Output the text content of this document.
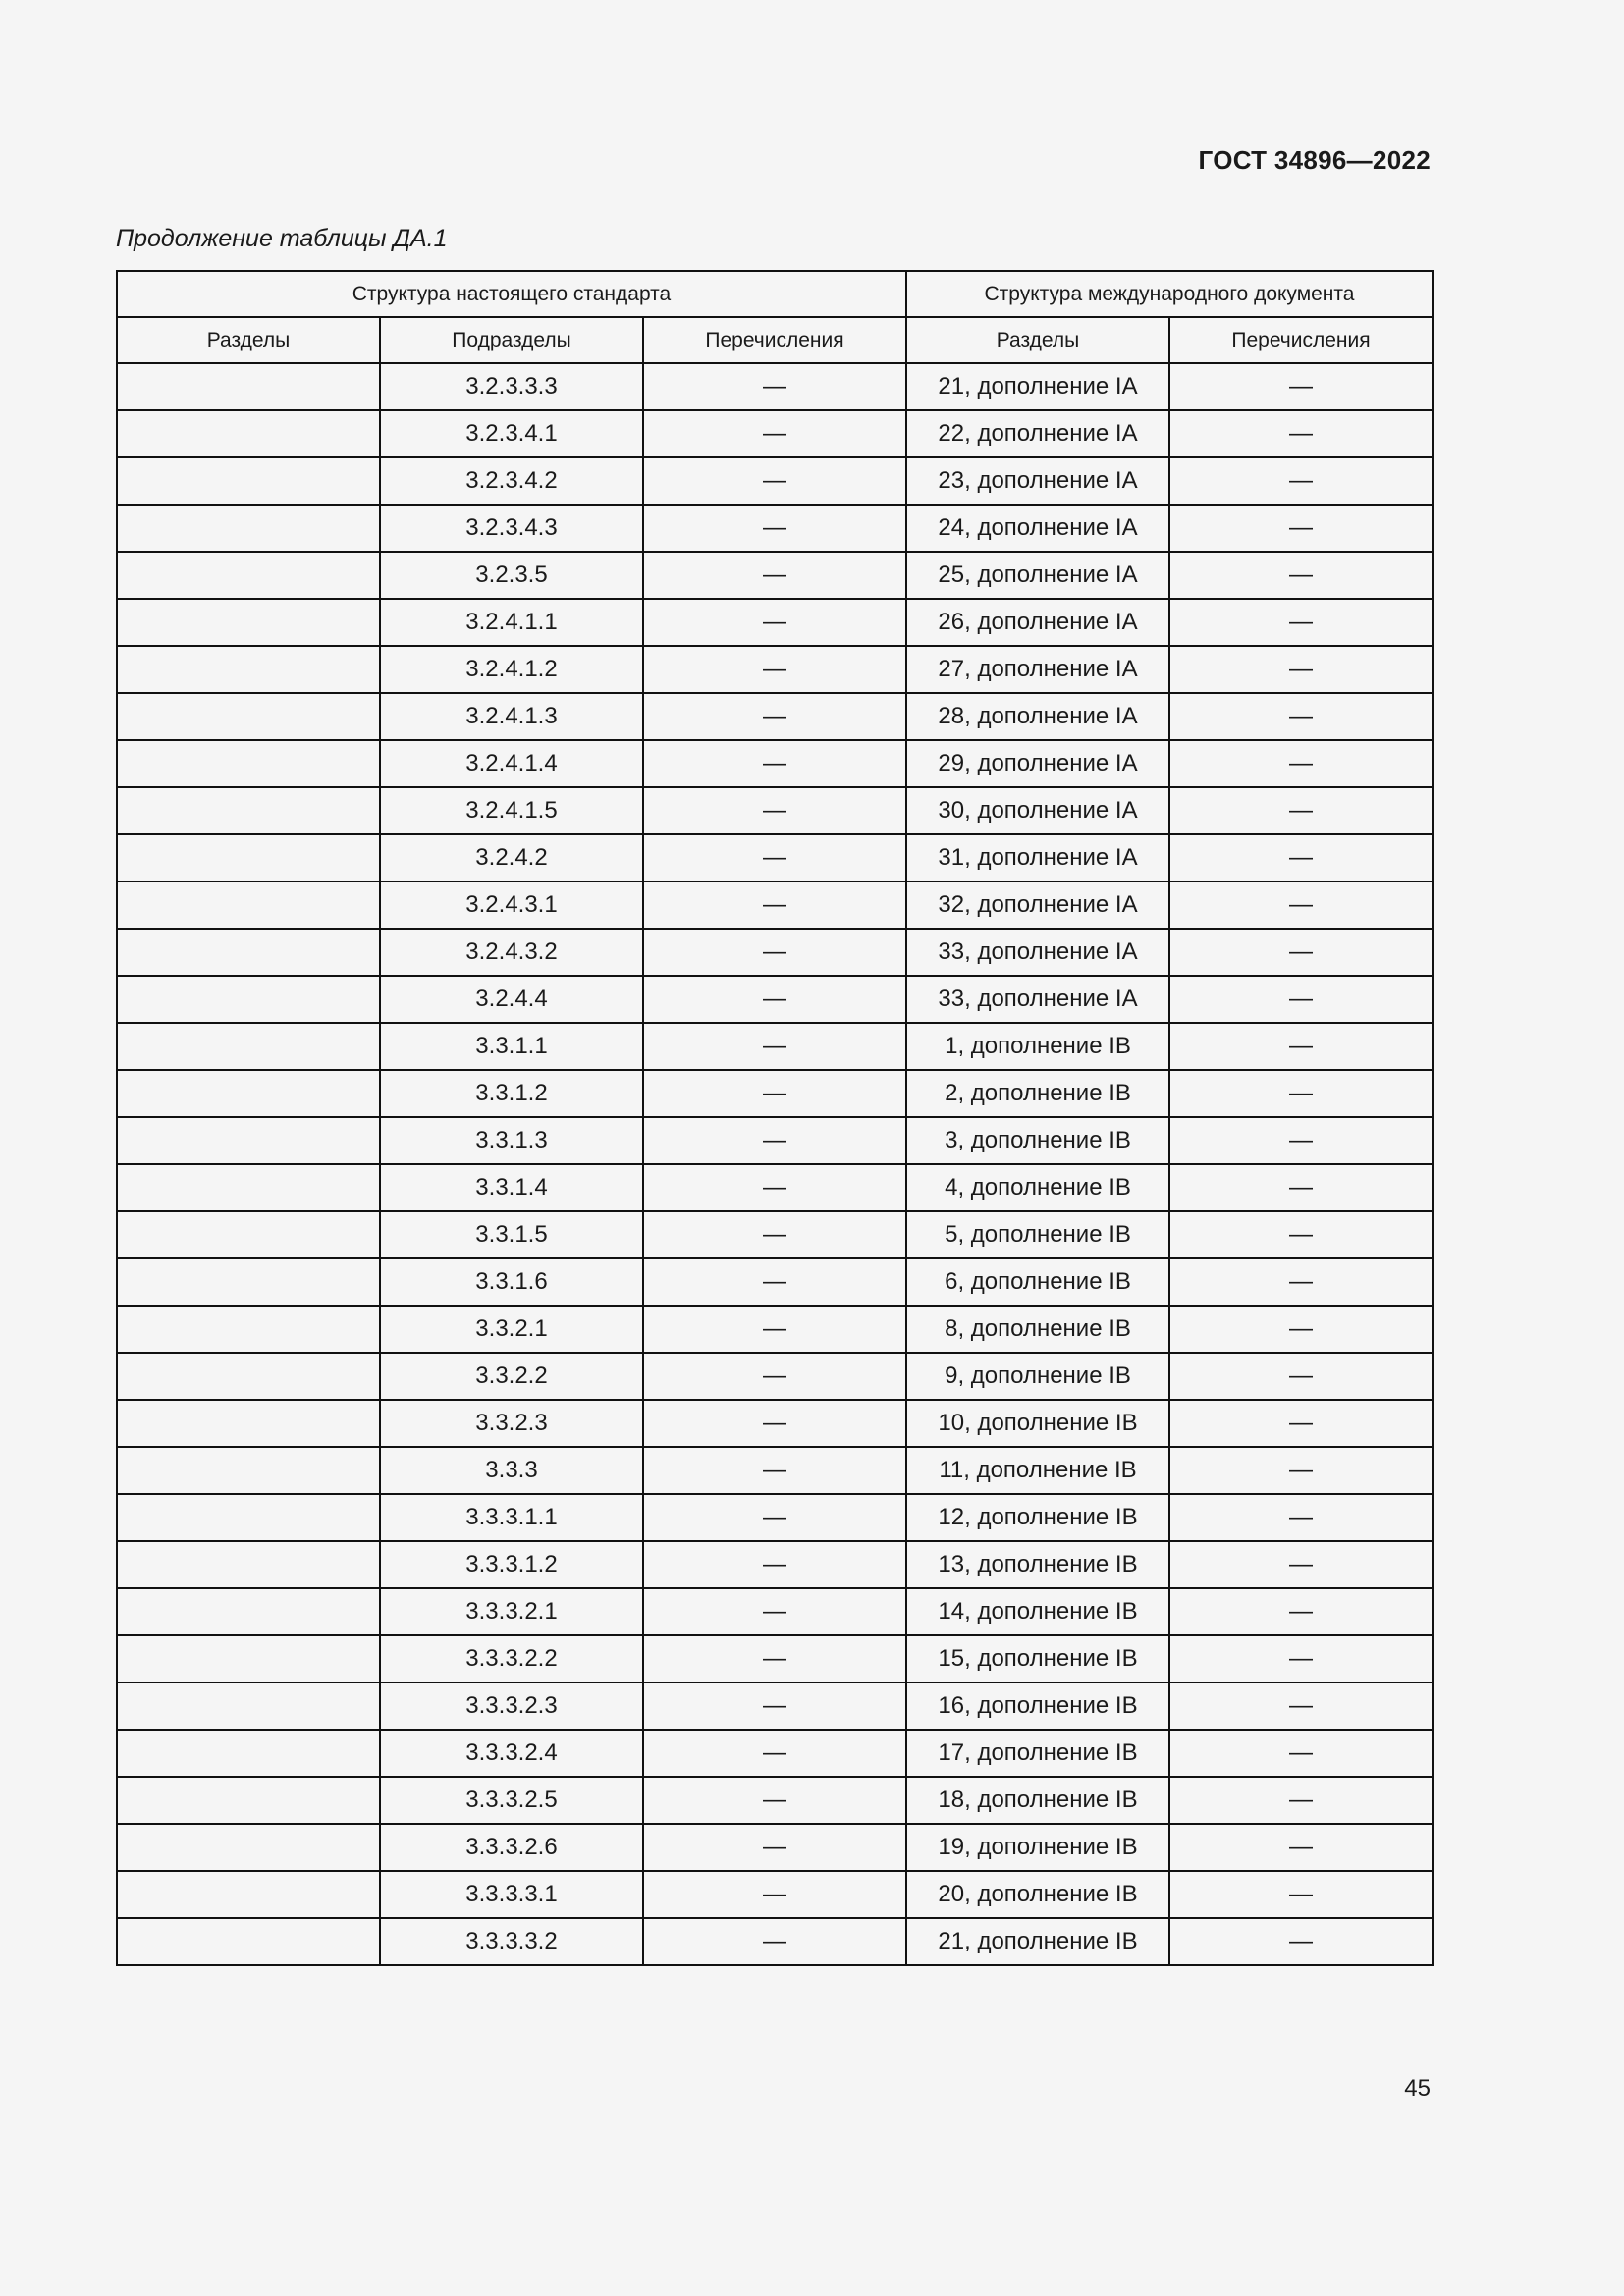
ГОСТ 34896—2022
Продолжение таблицы ДА.1
Структура настоящего стандарта			Структура международного документа	
Разделы	Подразделы	Перечисления	Разделы	Перечисления
	3.2.3.3.3	—	21, дополнение IA	—
	3.2.3.4.1	—	22, дополнение IA	—
	3.2.3.4.2	—	23, дополнение IA	—
	3.2.3.4.3	—	24, дополнение IA	—
	3.2.3.5	—	25, дополнение IA	—
	3.2.4.1.1	—	26, дополнение IA	—
	3.2.4.1.2	—	27, дополнение IA	—
	3.2.4.1.3	—	28, дополнение IA	—
	3.2.4.1.4	—	29, дополнение IA	—
	3.2.4.1.5	—	30, дополнение IA	—
	3.2.4.2	—	31, дополнение IA	—
	3.2.4.3.1	—	32, дополнение IA	—
	3.2.4.3.2	—	33, дополнение IA	—
	3.2.4.4	—	33, дополнение IA	—
	3.3.1.1	—	1, дополнение IB	—
	3.3.1.2	—	2, дополнение IB	—
	3.3.1.3	—	3, дополнение IB	—
	3.3.1.4	—	4, дополнение IB	—
	3.3.1.5	—	5, дополнение IB	—
	3.3.1.6	—	6, дополнение IB	—
	3.3.2.1	—	8, дополнение IB	—
	3.3.2.2	—	9, дополнение IB	—
	3.3.2.3	—	10, дополнение IB	—
	3.3.3	—	11, дополнение IB	—
	3.3.3.1.1	—	12, дополнение IB	—
	3.3.3.1.2	—	13, дополнение IB	—
	3.3.3.2.1	—	14, дополнение IB	—
	3.3.3.2.2	—	15, дополнение IB	—
	3.3.3.2.3	—	16, дополнение IB	—
	3.3.3.2.4	—	17, дополнение IB	—
	3.3.3.2.5	—	18, дополнение IB	—
	3.3.3.2.6	—	19, дополнение IB	—
	3.3.3.3.1	—	20, дополнение IB	—
	3.3.3.3.2	—	21, дополнение IB	—
45
